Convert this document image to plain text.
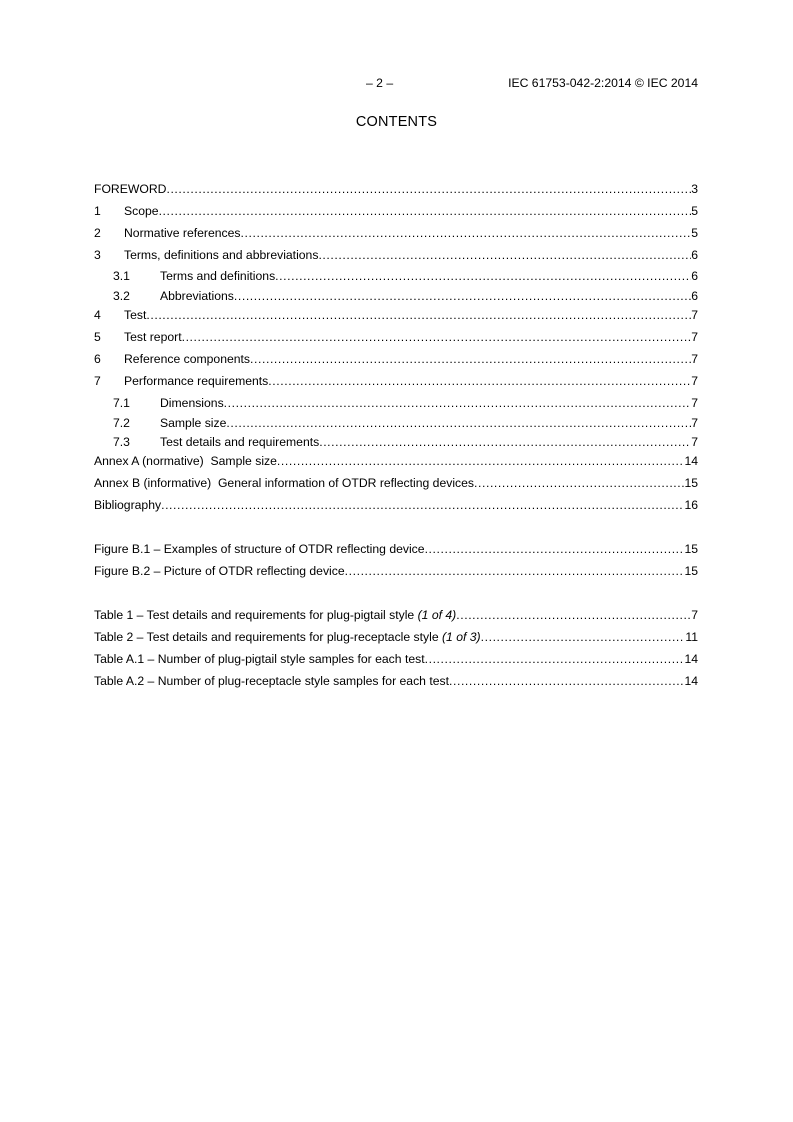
– 2 –	IEC 61753-042-2:2014 © IEC 2014
CONTENTS
FOREWORD .....	3
1	Scope .....	5
2	Normative references .....	5
3	Terms, definitions and abbreviations .....	6
3.1	Terms and definitions .....	6
3.2	Abbreviations .....	6
4	Test .....	7
5	Test report .....	7
6	Reference components .....	7
7	Performance requirements .....	7
7.1	Dimensions .....	7
7.2	Sample size .....	7
7.3	Test details and requirements .....	7
Annex A (normative)  Sample size .....	14
Annex B (informative)  General information of OTDR reflecting devices .....	15
Bibliography .....	16
Figure B.1 – Examples of structure of OTDR reflecting device .....	15
Figure B.2 – Picture of OTDR reflecting device .....	15
Table 1 – Test details and requirements for plug-pigtail style (1 of 4) .....	7
Table 2 – Test details and requirements for plug-receptacle style (1 of 3) .....	11
Table A.1 – Number of plug-pigtail style samples for each test .....	14
Table A.2 – Number of plug-receptacle style samples for each test .....	14
